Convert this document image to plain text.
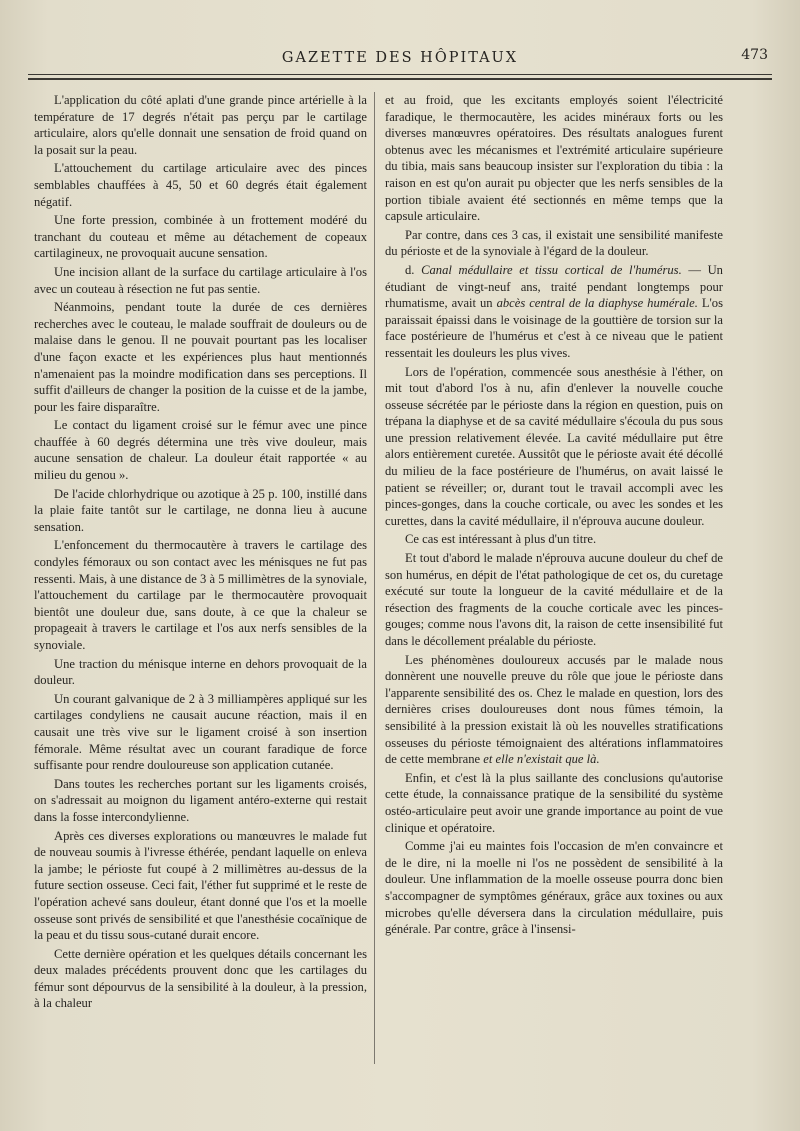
GAZETTE DES HÔPITAUX	473

L'application du côté aplati d'une grande pince artérielle à la température de 17 degrés n'était pas perçu par le cartilage articulaire, alors qu'elle donnait une sensation de froid quand on la posait sur la peau.

L'attouchement du cartilage articulaire avec des pinces semblables chauffées à 45, 50 et 60 degrés était également négatif.

Une forte pression, combinée à un frottement modéré du tranchant du couteau et même au détachement de copeaux cartilagineux, ne provoquait aucune sensation.

Une incision allant de la surface du cartilage articulaire à l'os avec un couteau à résection ne fut pas sentie.

Néanmoins, pendant toute la durée de ces dernières recherches avec le couteau, le malade souffrait de douleurs ou de malaise dans le genou. Il ne pouvait pourtant pas les localiser d'une façon exacte et les expériences plus haut mentionnés n'amenaient pas la moindre modification dans ses perceptions. Il suffit d'ailleurs de changer la position de la cuisse et de la jambe, pour les faire disparaître.

Le contact du ligament croisé sur le fémur avec une pince chauffée à 60 degrés détermina une très vive douleur, mais aucune sensation de chaleur. La douleur était rapportée « au milieu du genou ».

De l'acide chlorhydrique ou azotique à 25 p. 100, instillé dans la plaie faite tantôt sur le cartilage, ne donna lieu à aucune sensation.

L'enfoncement du thermocautère à travers le cartilage des condyles fémoraux ou son contact avec les ménisques ne fut pas ressenti. Mais, à une distance de 3 à 5 millimètres de la synoviale, l'attouchement du cartilage par le thermocautère provoquait bientôt une douleur due, sans doute, à ce que la chaleur se propageait à travers le cartilage et l'os aux nerfs sensibles de la synoviale.

Une traction du ménisque interne en dehors provoquait de la douleur.

Un courant galvanique de 2 à 3 milliampères appliqué sur les cartilages condyliens ne causait aucune réaction, mais il en causait une très vive sur le ligament croisé à son insertion fémorale. Même résultat avec un courant faradique de force suffisante pour rendre douloureuse son application cutanée.

Dans toutes les recherches portant sur les ligaments croisés, on s'adressait au moignon du ligament antéro-externe qui restait dans la fosse intercondylienne.

Après ces diverses explorations ou manœuvres le malade fut de nouveau soumis à l'ivresse éthérée, pendant laquelle on enleva la jambe; le périoste fut coupé à 2 millimètres au-dessus de la future section osseuse. Ceci fait, l'éther fut supprimé et le reste de l'opération achevé sans douleur, étant donné que l'os et la moelle osseuse sont privés de sensibilité et que l'anesthésie cocaïnique de la peau et du tissu sous-cutané durait encore.

Cette dernière opération et les quelques détails concernant les deux malades précédents prouvent donc que les cartilages du fémur sont dépourvus de la sensibilité à la douleur, à la pression, à la chaleur

et au froid, que les excitants employés soient l'électricité faradique, le thermocautère, les acides minéraux forts ou les diverses manœuvres opératoires. Des résultats analogues furent obtenus avec les mécanismes et l'extrémité articulaire supérieure du tibia, mais sans beaucoup insister sur l'exploration du tibia : la raison en est qu'on aurait pu objecter que les nerfs sensibles de la portion tibiale avaient été sectionnés en même temps que la capsule articulaire.

Par contre, dans ces 3 cas, il existait une sensibilité manifeste du périoste et de la synoviale à l'égard de la douleur.

d. Canal médullaire et tissu cortical de l'humérus. — Un étudiant de vingt-neuf ans, traité pendant longtemps pour rhumatisme, avait un abcès central de la diaphyse humérale. L'os paraissait épaissi dans le voisinage de la gouttière de torsion sur la face postérieure de l'humérus et c'est à ce niveau que le patient ressentait les douleurs les plus vives.

Lors de l'opération, commencée sous anesthésie à l'éther, on mit tout d'abord l'os à nu, afin d'enlever la nouvelle couche osseuse sécrétée par le périoste dans la région en question, puis on trépana la diaphyse et de sa cavité médullaire s'écoula du pus sous une pression relativement élevée. La cavité médullaire put être alors entièrement curetée. Aussitôt que le périoste avait été décollé du milieu de la face postérieure de l'humérus, on avait laissé le patient se réveiller; or, durant tout le travail accompli avec les pinces-gonges, dans la couche corticale, ou avec les sondes et les curettes, dans la cavité médullaire, il n'éprouva aucune douleur.

Ce cas est intéressant à plus d'un titre.

Et tout d'abord le malade n'éprouva aucune douleur du chef de son humérus, en dépit de l'état pathologique de cet os, du curetage exécuté sur toute la longueur de la cavité médullaire et de la résection des fragments de la couche corticale avec les pinces-gouges; comme nous l'avons dit, la raison de cette insensibilité fut dans le décollement préalable du périoste.

Les phénomènes douloureux accusés par le malade nous donnèrent une nouvelle preuve du rôle que joue le périoste dans l'apparente sensibilité des os. Chez le malade en question, lors des dernières crises douloureuses dont nous fûmes témoin, la sensibilité à la pression existait là où les nouvelles stratifications osseuses du périoste témoignaient des altérations inflammatoires de cette membrane et elle n'existait que là.

Enfin, et c'est là la plus saillante des conclusions qu'autorise cette étude, la connaissance pratique de la sensibilité du système ostéo-articulaire peut avoir une grande importance au point de vue clinique et opératoire.

Comme j'ai eu maintes fois l'occasion de m'en convaincre et de le dire, ni la moelle ni l'os ne possèdent de sensibilité à la douleur. Une inflammation de la moelle osseuse pourra donc bien s'accompagner de symptômes généraux, grâce aux toxines ou aux microbes qu'elle déversera dans la circulation médullaire, puis générale. Par contre, grâce à l'insensi-
